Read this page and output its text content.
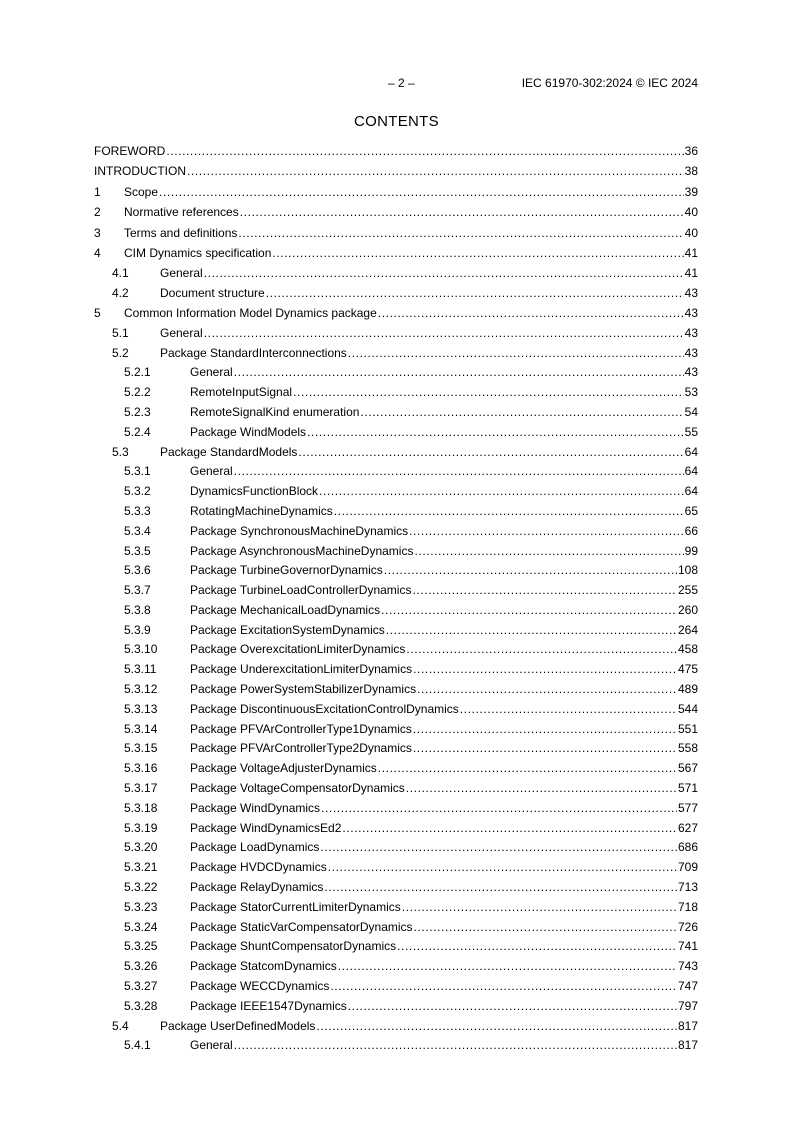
– 2 –	IEC 61970-302:2024 © IEC 2024
CONTENTS
FOREWORD .....	36
INTRODUCTION .....	38
1	Scope .....	39
2	Normative references .....	40
3	Terms and definitions .....	40
4	CIM Dynamics specification .....	41
4.1	General .....	41
4.2	Document structure .....	43
5	Common Information Model Dynamics package .....	43
5.1	General .....	43
5.2	Package StandardInterconnections .....	43
5.2.1	General .....	43
5.2.2	RemoteInputSignal .....	53
5.2.3	RemoteSignalKind enumeration .....	54
5.2.4	Package WindModels .....	55
5.3	Package StandardModels .....	64
5.3.1	General .....	64
5.3.2	DynamicsFunctionBlock .....	64
5.3.3	RotatingMachineDynamics .....	65
5.3.4	Package SynchronousMachineDynamics .....	66
5.3.5	Package AsynchronousMachineDynamics .....	99
5.3.6	Package TurbineGovernorDynamics .....	108
5.3.7	Package TurbineLoadControllerDynamics .....	255
5.3.8	Package MechanicalLoadDynamics .....	260
5.3.9	Package ExcitationSystemDynamics .....	264
5.3.10	Package OverexcitationLimiterDynamics .....	458
5.3.11	Package UnderexcitationLimiterDynamics .....	475
5.3.12	Package PowerSystemStabilizerDynamics .....	489
5.3.13	Package DiscontinuousExcitationControlDynamics .....	544
5.3.14	Package PFVArControllerType1Dynamics .....	551
5.3.15	Package PFVArControllerType2Dynamics .....	558
5.3.16	Package VoltageAdjusterDynamics .....	567
5.3.17	Package VoltageCompensatorDynamics .....	571
5.3.18	Package WindDynamics .....	577
5.3.19	Package WindDynamicsEd2 .....	627
5.3.20	Package LoadDynamics .....	686
5.3.21	Package HVDCDynamics .....	709
5.3.22	Package RelayDynamics .....	713
5.3.23	Package StatorCurrentLimiterDynamics .....	718
5.3.24	Package StaticVarCompensatorDynamics .....	726
5.3.25	Package ShuntCompensatorDynamics .....	741
5.3.26	Package StatcomDynamics .....	743
5.3.27	Package WECCDynamics .....	747
5.3.28	Package IEEE1547Dynamics .....	797
5.4	Package UserDefinedModels .....	817
5.4.1	General .....	817
